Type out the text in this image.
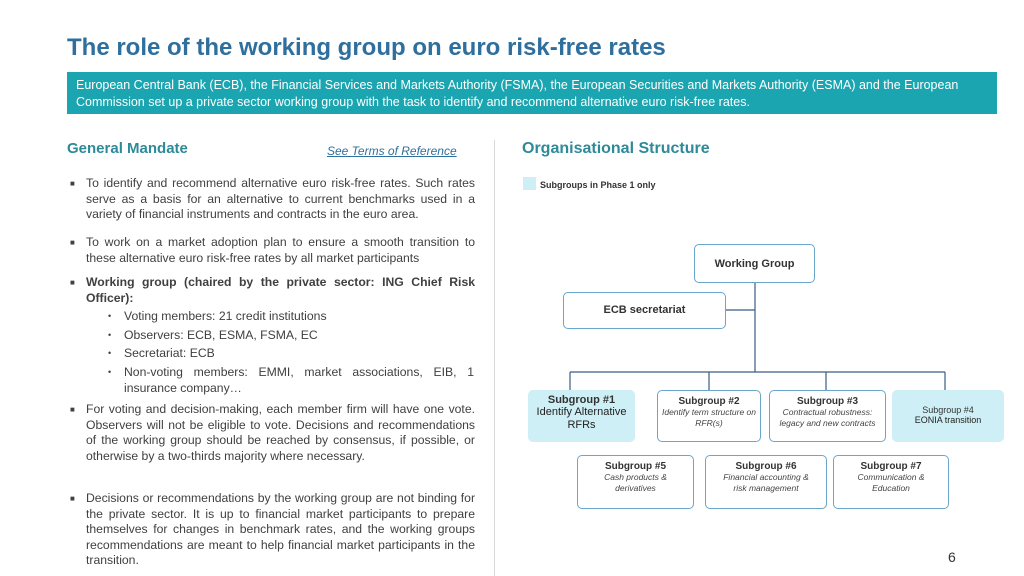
The role of the working group on euro risk-free rates
European Central Bank (ECB), the Financial Services and Markets Authority (FSMA), the European Securities and Markets Authority (ESMA) and the European Commission set up a private sector working group with the task to identify and recommend alternative euro risk-free rates.
General Mandate	See Terms of Reference
■ To identify and recommend alternative euro risk-free rates. Such rates serve as a basis for an alternative to current benchmarks used in a variety of financial instruments and contracts in the euro area.
■ To work on a market adoption plan to ensure a smooth transition to these alternative euro risk-free rates by all market participants
■ Working group (chaired by the private sector: ING Chief Risk Officer):
• Voting members: 21 credit institutions
• Observers: ECB, ESMA, FSMA, EC
• Secretariat: ECB
• Non-voting members: EMMI, market associations, EIB, 1 insurance company…
■ For voting and decision-making, each member firm will have one vote. Observers will not be eligible to vote. Decisions and recommendations of the working group should be reached by consensus, if possible, or otherwise by a two-thirds majority where necessary.
■ Decisions or recommendations by the working group are not binding for the private sector. It is up to financial market participants to prepare themselves for changes in benchmark rates, and the working groups recommendations are meant to help financial market participants in the transition.
Organisational Structure
Subgroups in Phase 1 only
Working Group
ECB secretariat
Subgroup #1
Identify Alternative RFRs
Subgroup #2
Identify term structure on RFR(s)
Subgroup #3
Contractual robustness: legacy and new contracts
Subgroup #4
EONIA transition
Subgroup #5
Cash products & derivatives
Subgroup #6
Financial accounting & risk management
Subgroup #7
Communication & Education
6
